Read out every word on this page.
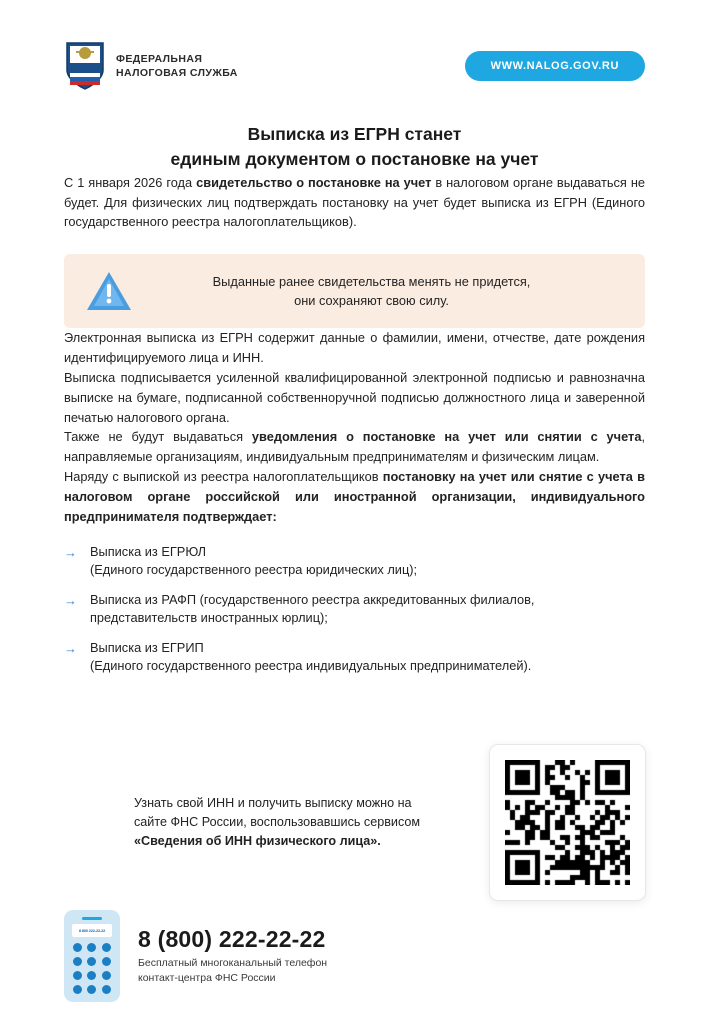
ФЕДЕРАЛЬНАЯ
НАЛОГОВАЯ СЛУЖБА
WWW.NALOG.GOV.RU
Выписка из ЕГРН станет
единым документом о постановке на учет

С 1 января 2026 года свидетельство о постановке на учет в налоговом органе выдаваться не будет. Для физических лиц подтверждать постановку на учет будет выписка из ЕГРН (Единого государственного реестра налогоплательщиков).

Выданные ранее свидетельства менять не придется,
они сохраняют свою силу.

Электронная выписка из ЕГРН содержит данные о фамилии, имени, отчестве, дате рождения идентифицируемого лица и ИНН.

Выписка подписывается усиленной квалифицированной электронной подписью и равнозначна выписке на бумаге, подписанной собственноручной подписью должностного лица и заверенной печатью налогового органа.

Также не будут выдаваться уведомления о постановке на учет или снятии с учета, направляемые организациям, индивидуальным предпринимателям и физическим лицам.

Наряду с выпиской из реестра налогоплательщиков постановку на учет или снятие с учета в налоговом органе российской или иностранной организации, индивидуального предпринимателя подтверждает:

→ Выписка из ЕГРЮЛ
(Единого государственного реестра юридических лиц);
→ Выписка из РАФП (государственного реестра аккредитованных филиалов,
представительств иностранных юрлиц);
→ Выписка из ЕГРИП
(Единого государственного реестра индивидуальных предпринимателей).
Узнать свой ИНН и получить выписку можно на сайте ФНС России, воспользовавшись сервисом «Сведения об ИНН физического лица».
8 800 222-22-22 8 (800) 222-22-22
Бесплатный многоканальный телефон
контакт-центра ФНС России
